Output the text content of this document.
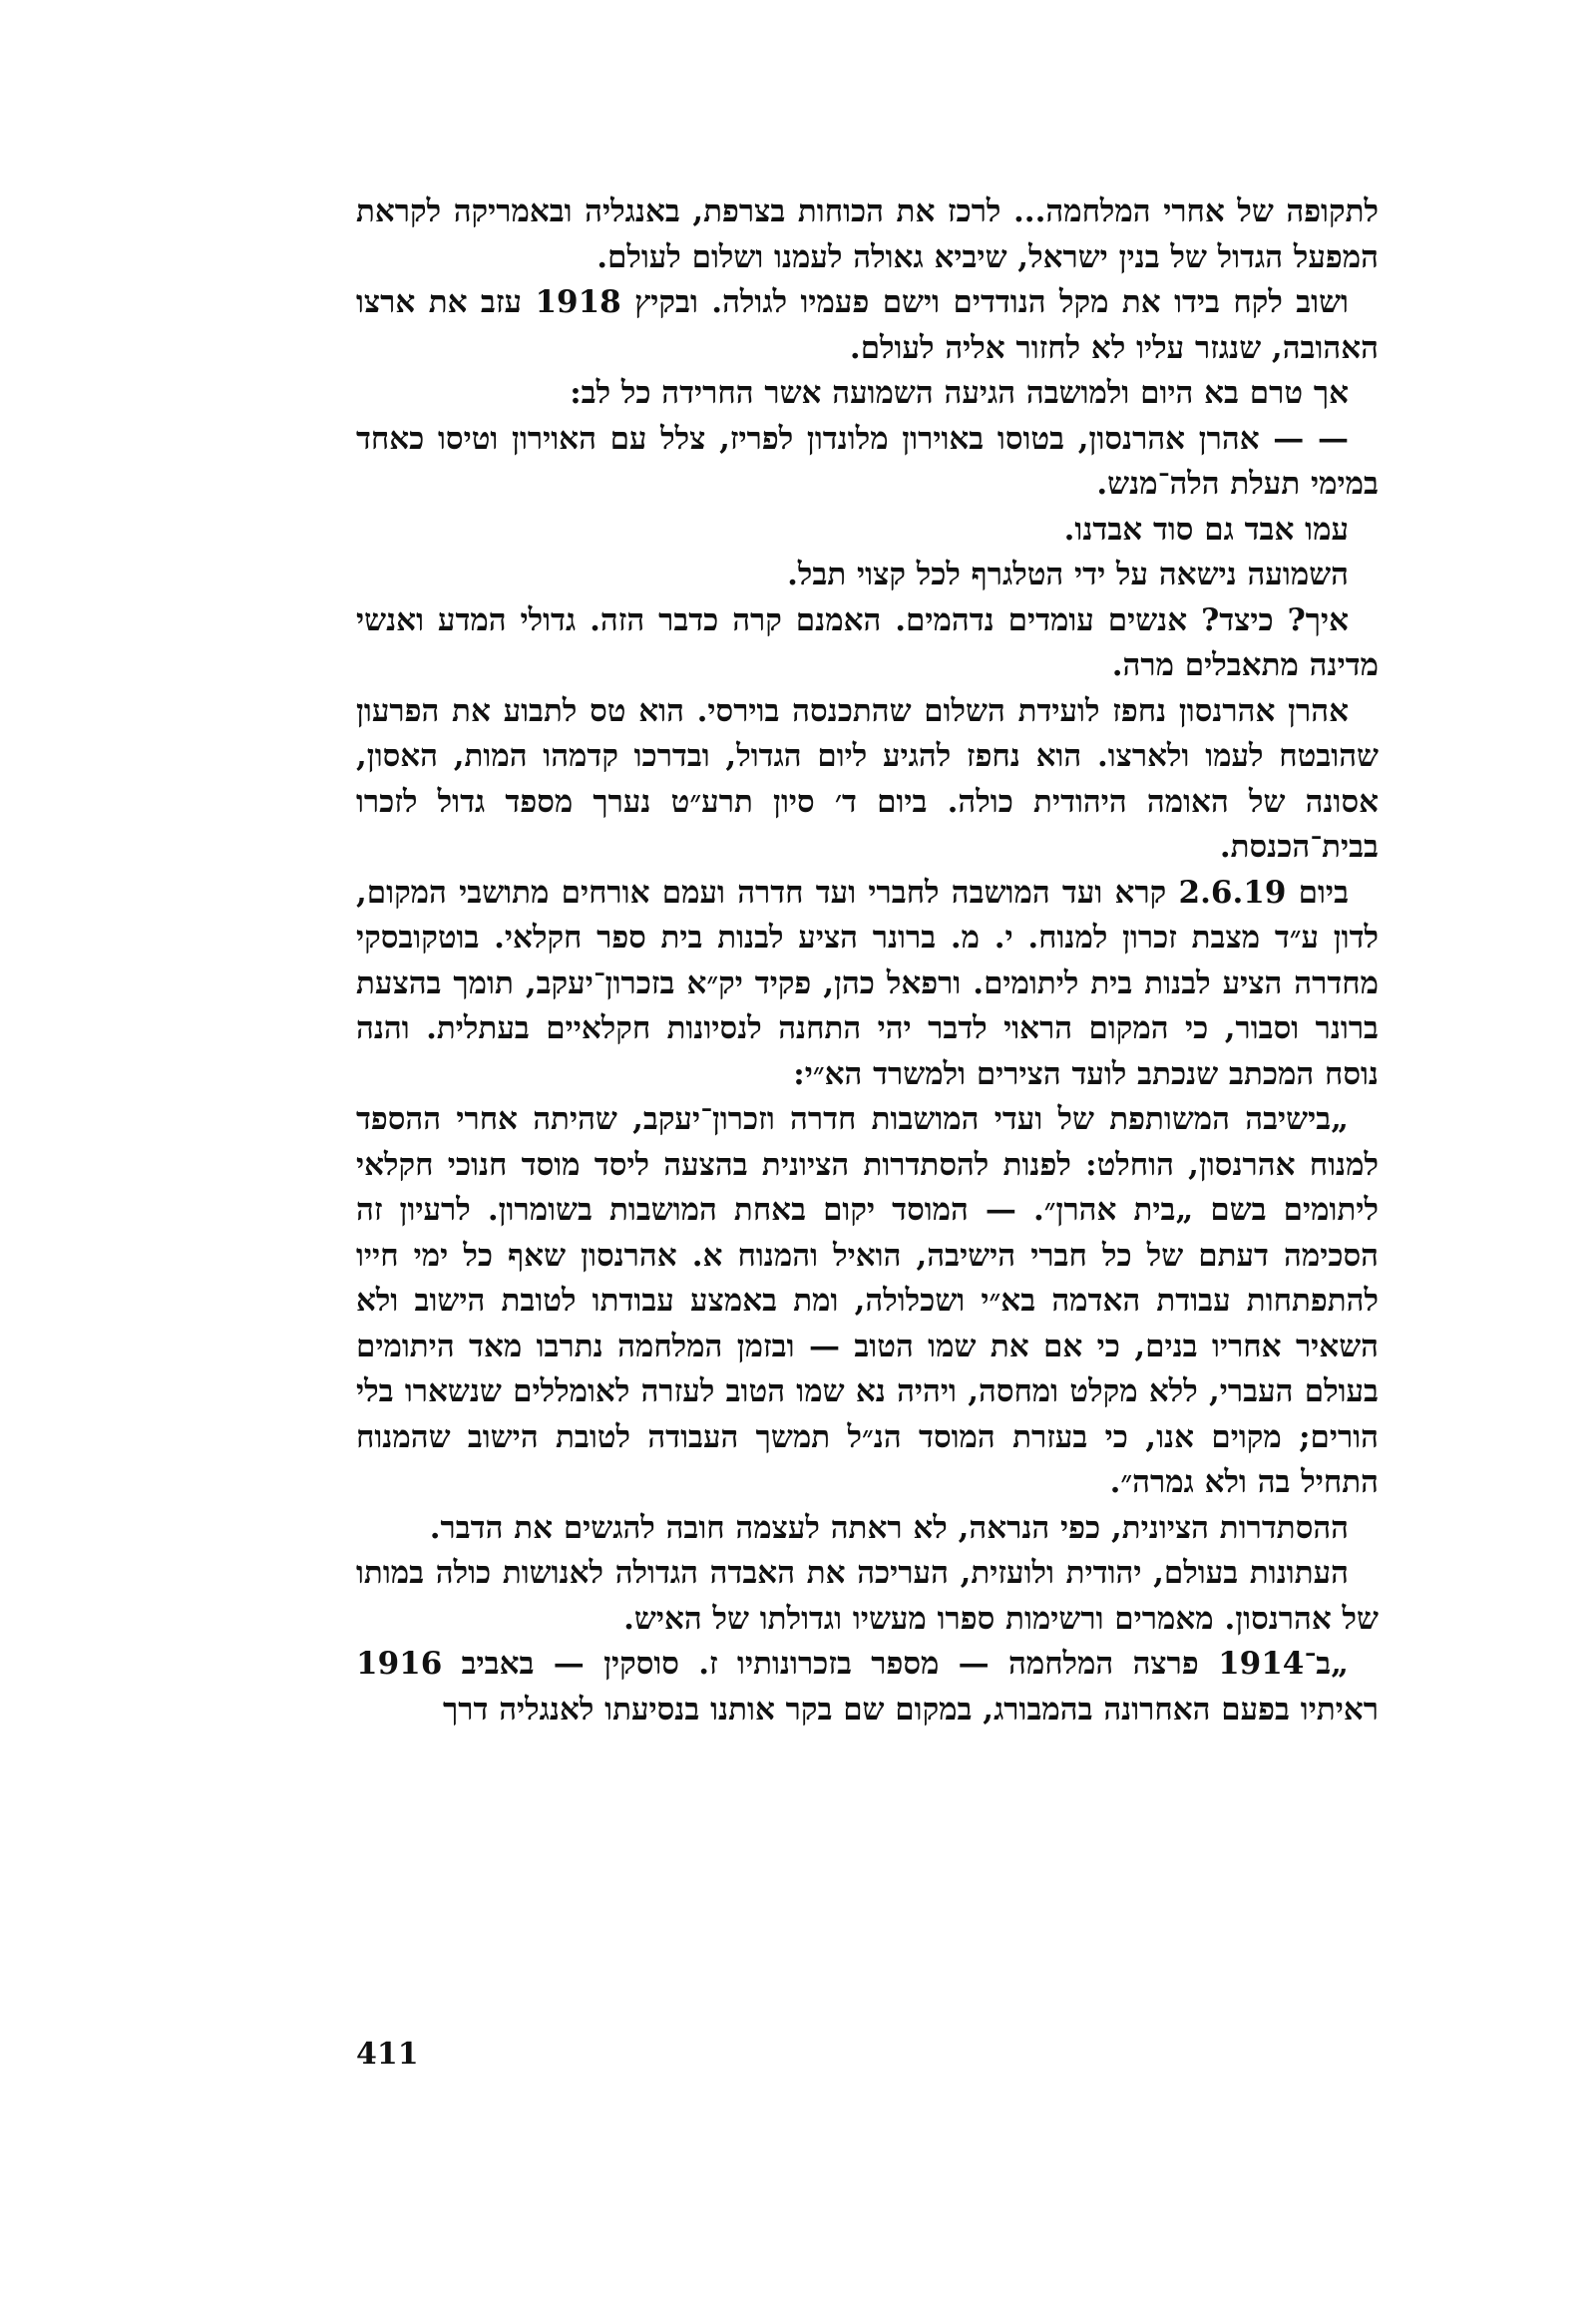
לתקופה של אחרי המלחמה... לרכז את הכוחות בצרפת, באנגליה ובאמריקה לקראת המפעל הגדול של בנין ישראל, שיביא גאולה לעמנו ושלום לעולם.

ושוב לקח בידו את מקל הנודדים וישם פעמיו לגולה. ובקיץ 1918 עזב את ארצו האהובה, שנגזר עליו לא לחזור אליה לעולם.

אך טרם בא היום ולמושבה הגיעה השמועה אשר החרידה כל לב:

— — אהרן אהרנסון, בטוסו באוירון מלונדון לפריז, צלל עם האוירון וטיסו כאחד במימי תעלת הלה־מנש.

עמו אבד גם סוד אבדנו.

השמועה נישאה על ידי הטלגרף לכל קצוי תבל.

איך? כיצד? אנשים עומדים נדהמים. האמנם קרה כדבר הזה. גדולי המדע ואנשי מדינה מתאבלים מרה.

אהרן אהרנסון נחפז לועידת השלום שהתכנסה בוירסי. הוא טס לתבוע את הפרעון שהובטח לעמו ולארצו. הוא נחפז להגיע ליום הגדול, ובדרכו קדמהו המות, האסון, אסונה של האומה היהודית כולה. ביום ד׳ סיון תרע״ט נערך מספד גדול לזכרו בבית־הכנסת.

ביום 2.6.19 קרא ועד המושבה לחברי ועד חדרה ועמם אורחים מתושבי המקום, לדון ע״ד מצבת זכרון למנוח. י. מ. ברונר הציע לבנות בית ספר חקלאי. בוטקובסקי מחדרה הציע לבנות בית ליתומים. ורפאל כהן, פקיד יק״א בזכרון־יעקב, תומך בהצעת ברונר וסבור, כי המקום הראוי לדבר יהי התחנה לנסיונות חקלאיים בעתלית. והנה נוסח המכתב שנכתב לועד הצירים ולמשרד הא״י:

„בישיבה המשותפת של ועדי המושבות חדרה וזכרון־יעקב, שהיתה אחרי ההספד למנוח אהרנסון, הוחלט: לפנות להסתדרות הציונית בהצעה ליסד מוסד חנוכי חקלאי ליתומים בשם „בית אהרן״. — המוסד יקום באחת המושבות בשומרון. לרעיון זה הסכימה דעתם של כל חברי הישיבה, הואיל והמנוח א. אהרנסון שאף כל ימי חייו להתפתחות עבודת האדמה בא״י ושכלולה, ומת באמצע עבודתו לטובת הישוב ולא השאיר אחריו בנים, כי אם את שמו הטוב — ובזמן המלחמה נתרבו מאד היתומים בעולם העברי, ללא מקלט ומחסה, ויהיה נא שמו הטוב לעזרה לאומללים שנשארו בלי הורים; מקוים אנו, כי בעזרת המוסד הנ״ל תמשך העבודה לטובת הישוב שהמנוח התחיל בה ולא גמרה״.

ההסתדרות הציונית, כפי הנראה, לא ראתה לעצמה חובה להגשים את הדבר.

העתונות בעולם, יהודית ולועזית, העריכה את האבדה הגדולה לאנושות כולה במותו של אהרנסון. מאמרים ורשימות ספרו מעשיו וגדולתו של האיש.

„ב־1914 פרצה המלחמה — מספר בזכרונותיו ז. סוסקין — באביב 1916 ראיתיו בפעם האחרונה בהמבורג, במקום שם בקר אותנו בנסיעתו לאנגליה דרך

411
